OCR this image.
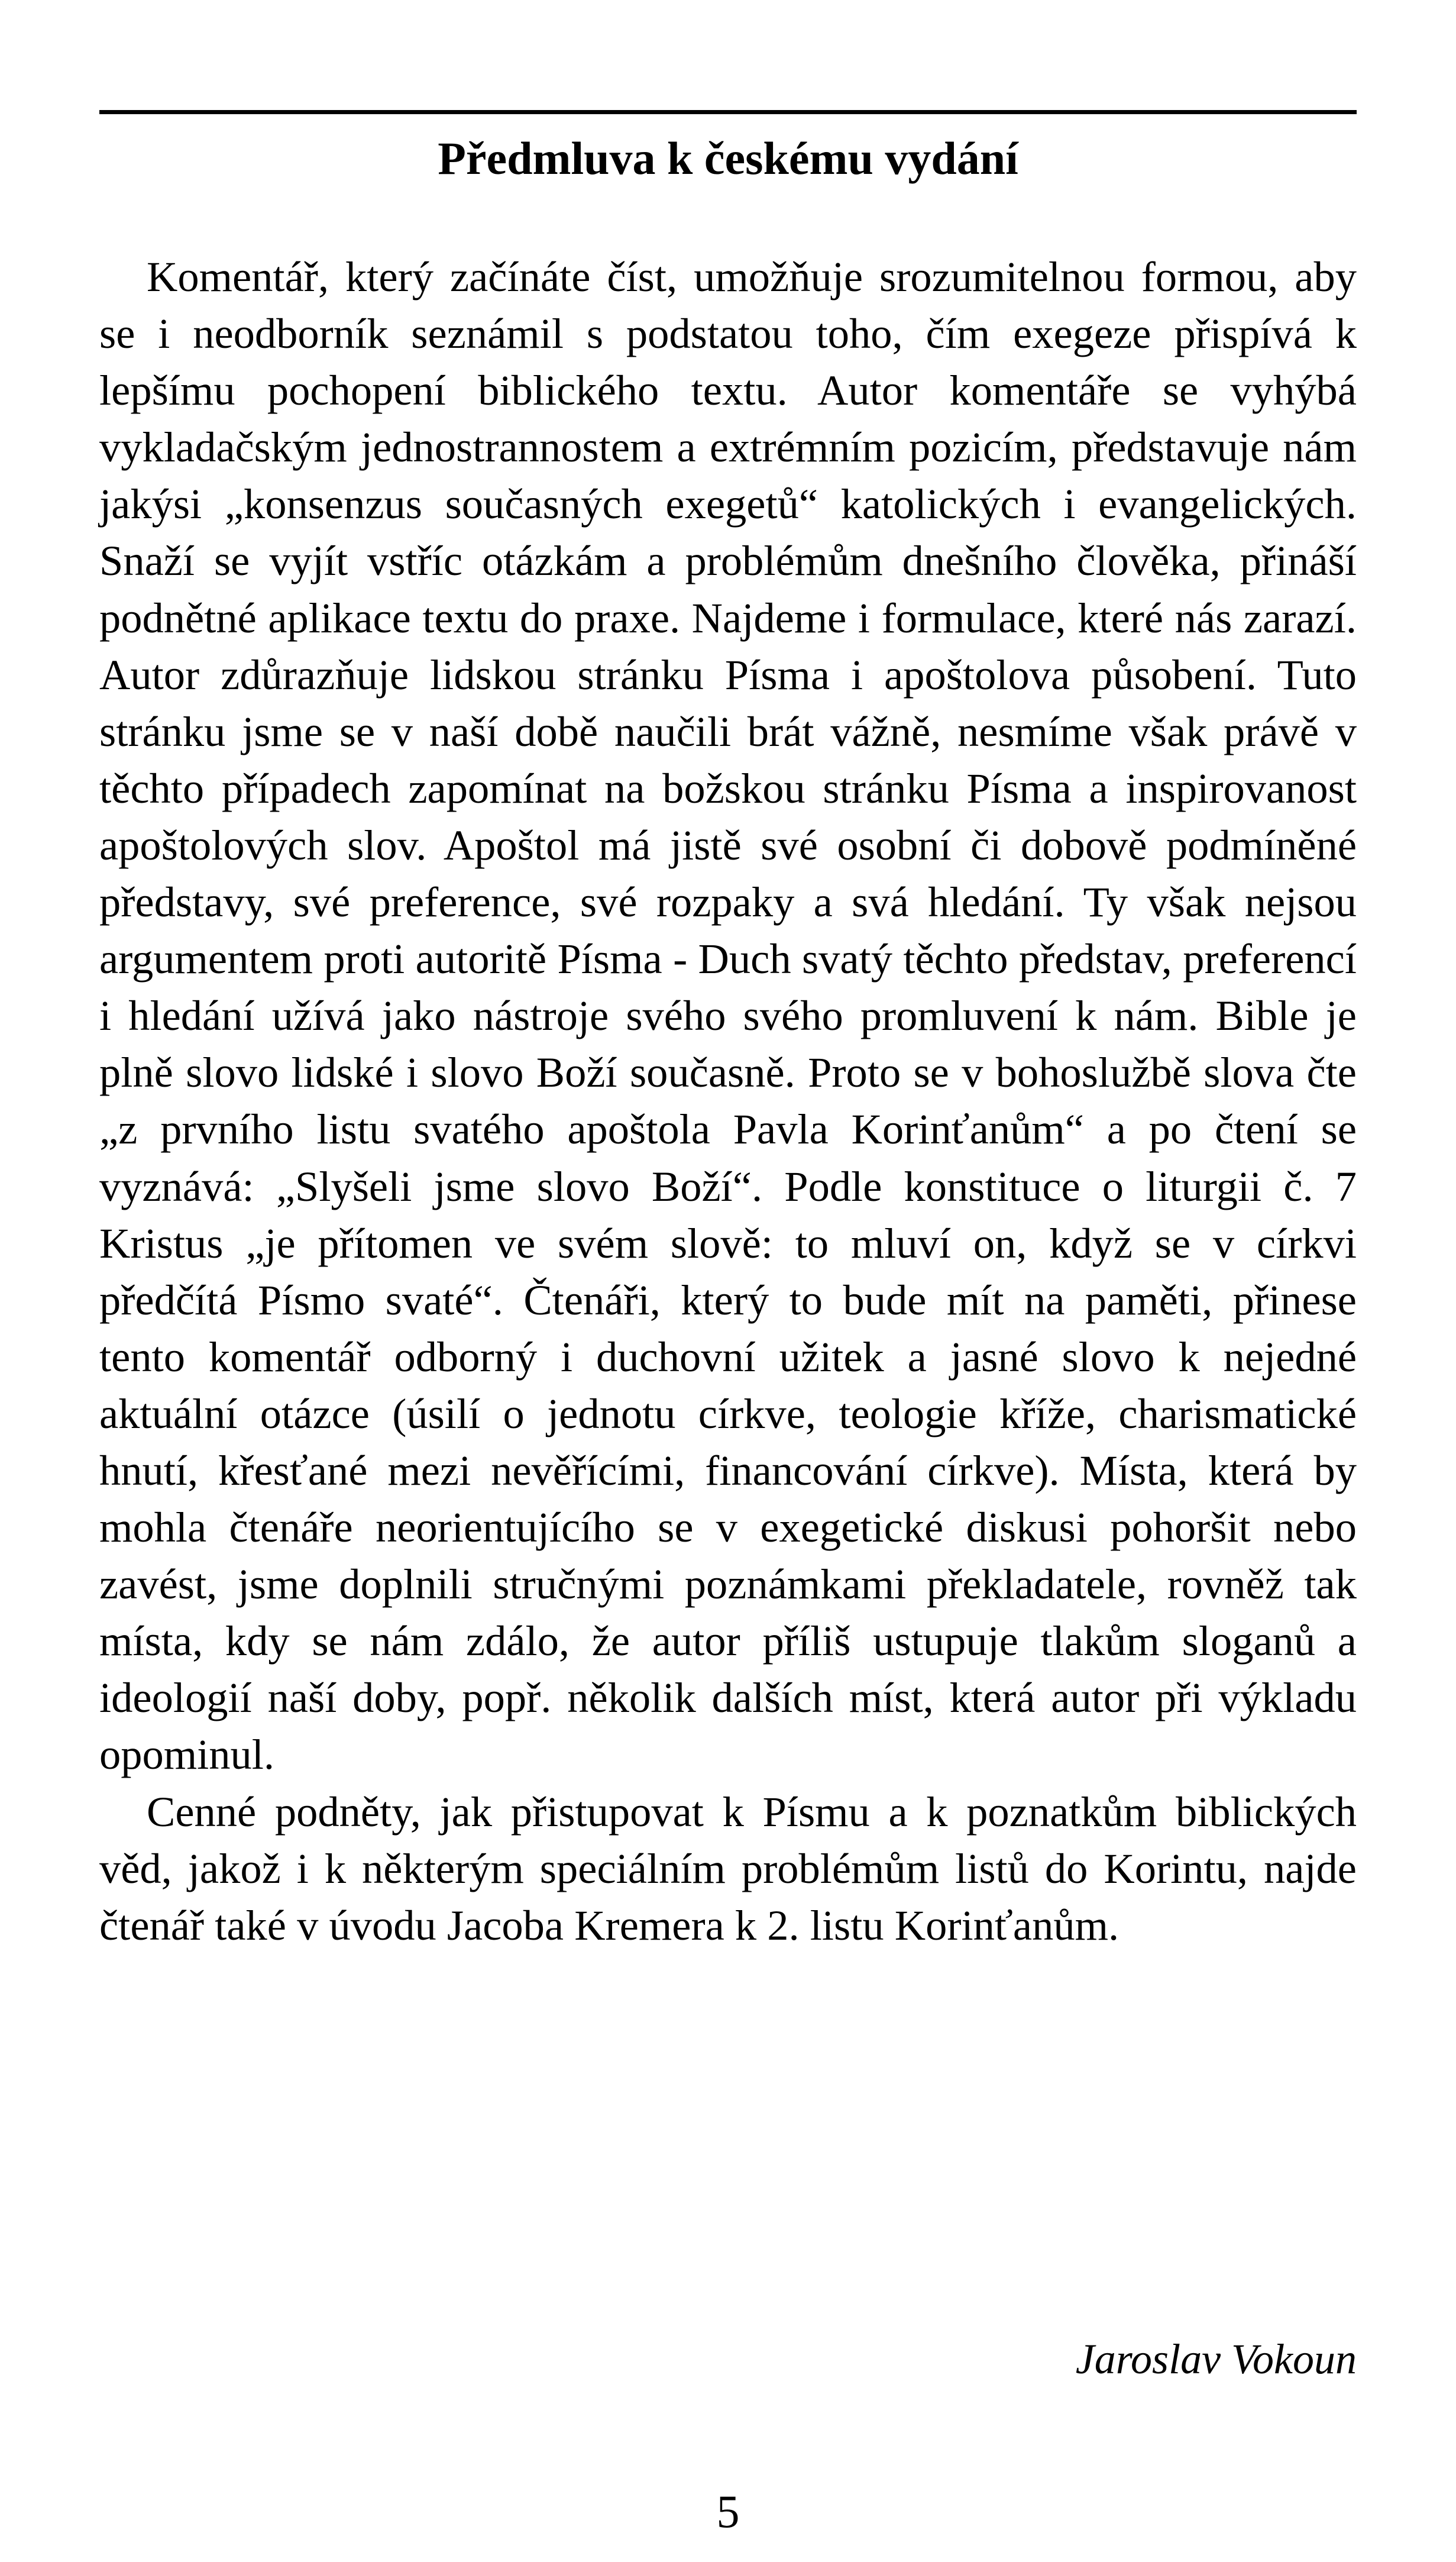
Předmluva k českému vydání

Komentář, který začínáte číst, umožňuje srozumitelnou formou, aby se i neodborník seznámil s podstatou toho, čím exegeze přispívá k lepšímu pochopení biblického textu. Autor komentáře se vyhýbá vykladačským jednostrannostem a extrémním pozicím, představuje nám jakýsi „konsenzus současných exegetů“ katolických i evangelických. Snaží se vyjít vstříc otázkám a problémům dnešního člověka, přináší podnětné aplikace textu do praxe. Najdeme i formulace, které nás zarazí. Autor zdůrazňuje lidskou stránku Písma i apoštolova působení. Tuto stránku jsme se v naší době naučili brát vážně, nesmíme však právě v těchto případech zapomínat na božskou stránku Písma a inspirovanost apoštolových slov. Apoštol má jistě své osobní či dobově podmíněné představy, své preference, své rozpaky a svá hledání. Ty však nejsou argumentem proti autoritě Písma - Duch svatý těchto představ, preferencí i hledání užívá jako nástroje svého svého promluvení k nám. Bible je plně slovo lidské i slovo Boží současně. Proto se v bohoslužbě slova čte „z prvního listu svatého apoštola Pavla Korinťanům“ a po čtení se vyznává: „Slyšeli jsme slovo Boží“. Podle konstituce o liturgii č. 7 Kristus „je přítomen ve svém slově: to mluví on, když se v církvi předčítá Písmo svaté“. Čtenáři, který to bude mít na paměti, přinese tento komentář odborný i duchovní užitek a jasné slovo k nejedné aktuální otázce (úsilí o jednotu církve, teologie kříže, charismatické hnutí, křesťané mezi nevěřícími, financování církve). Místa, která by mohla čtenáře neorientujícího se v exegetické diskusi pohoršit nebo zavést, jsme doplnili stručnými poznámkami překladatele, rovněž tak místa, kdy se nám zdálo, že autor příliš ustupuje tlakům sloganů a ideologií naší doby, popř. několik dalších míst, která autor při výkladu opominul.

Cenné podněty, jak přistupovat k Písmu a k poznatkům biblických věd, jakož i k některým speciálním problémům listů do Korintu, najde čtenář také v úvodu Jacoba Kremera k 2. listu Korinťanům.

Jaroslav Vokoun
5
